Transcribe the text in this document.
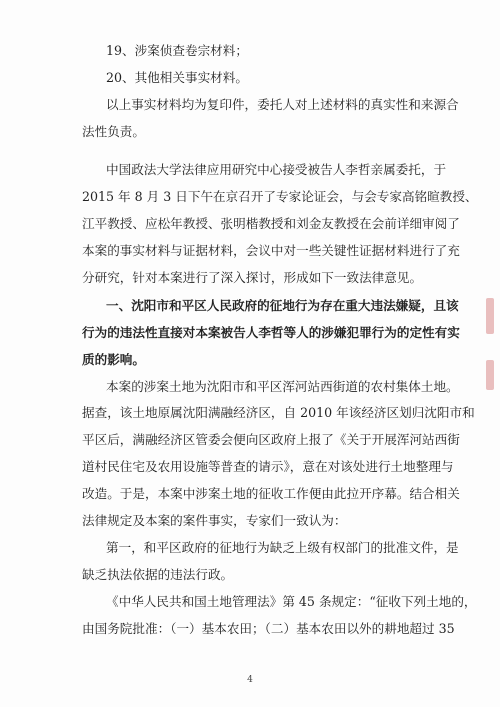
19、涉案侦查卷宗材料；
20、其他相关事实材料。
以上事实材料均为复印件，委托人对上述材料的真实性和来源合
法性负责。
中国政法大学法律应用研究中心接受被告人李哲亲属委托，于
2015 年 8 月 3 日下午在京召开了专家论证会，与会专家高铭暄教授、
江平教授、应松年教授、张明楷教授和刘金友教授在会前详细审阅了
本案的事实材料与证据材料，会议中对一些关键性证据材料进行了充
分研究，针对本案进行了深入探讨，形成如下一致法律意见。
一、沈阳市和平区人民政府的征地行为存在重大违法嫌疑，且该
行为的违法性直接对本案被告人李哲等人的涉嫌犯罪行为的定性有实
质的影响。
本案的涉案土地为沈阳市和平区浑河站西街道的农村集体土地。
据查，该土地原属沈阳满融经济区，自 2010 年该经济区划归沈阳市和
平区后，满融经济区管委会便向区政府上报了《关于开展浑河站西街
道村民住宅及农用设施等普查的请示》，意在对该处进行土地整理与
改造。于是，本案中涉案土地的征收工作便由此拉开序幕。结合相关
法律规定及本案的案件事实，专家们一致认为：
第一，和平区政府的征地行为缺乏上级有权部门的批准文件，是
缺乏执法依据的违法行政。
《中华人民共和国土地管理法》第 45 条规定：“征收下列土地的，
由国务院批准：（一）基本农田；（二）基本农田以外的耕地超过 35
4
